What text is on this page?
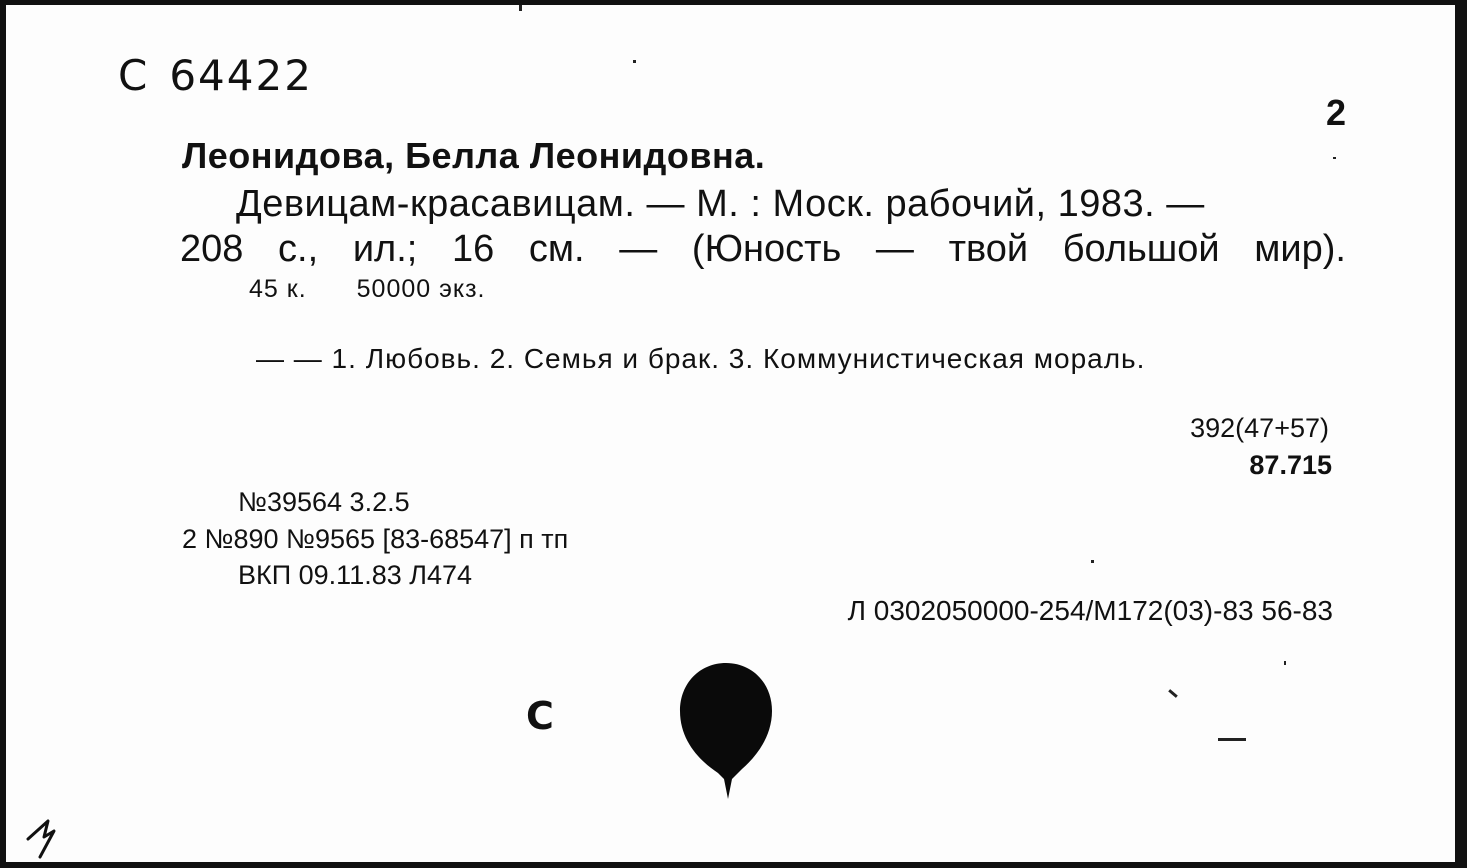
С 64422
2
Леонидова, Белла Леонидовна.
Девицам-красавицам. — М. : Моск. рабочий, 1983. —
208 с., ил.; 16 см. — (Юность — твой большой мир).
45 к. 50000 экз.
— — 1. Любовь. 2. Семья и брак. 3. Коммунистическая мораль.
392(47+57)
87.715
№39564 3.2.5
2 №890 №9565 [83-68547] п тп
ВКП 09.11.83 Л474
Л 0302050000-254/М172(03)-83 56-83
С
